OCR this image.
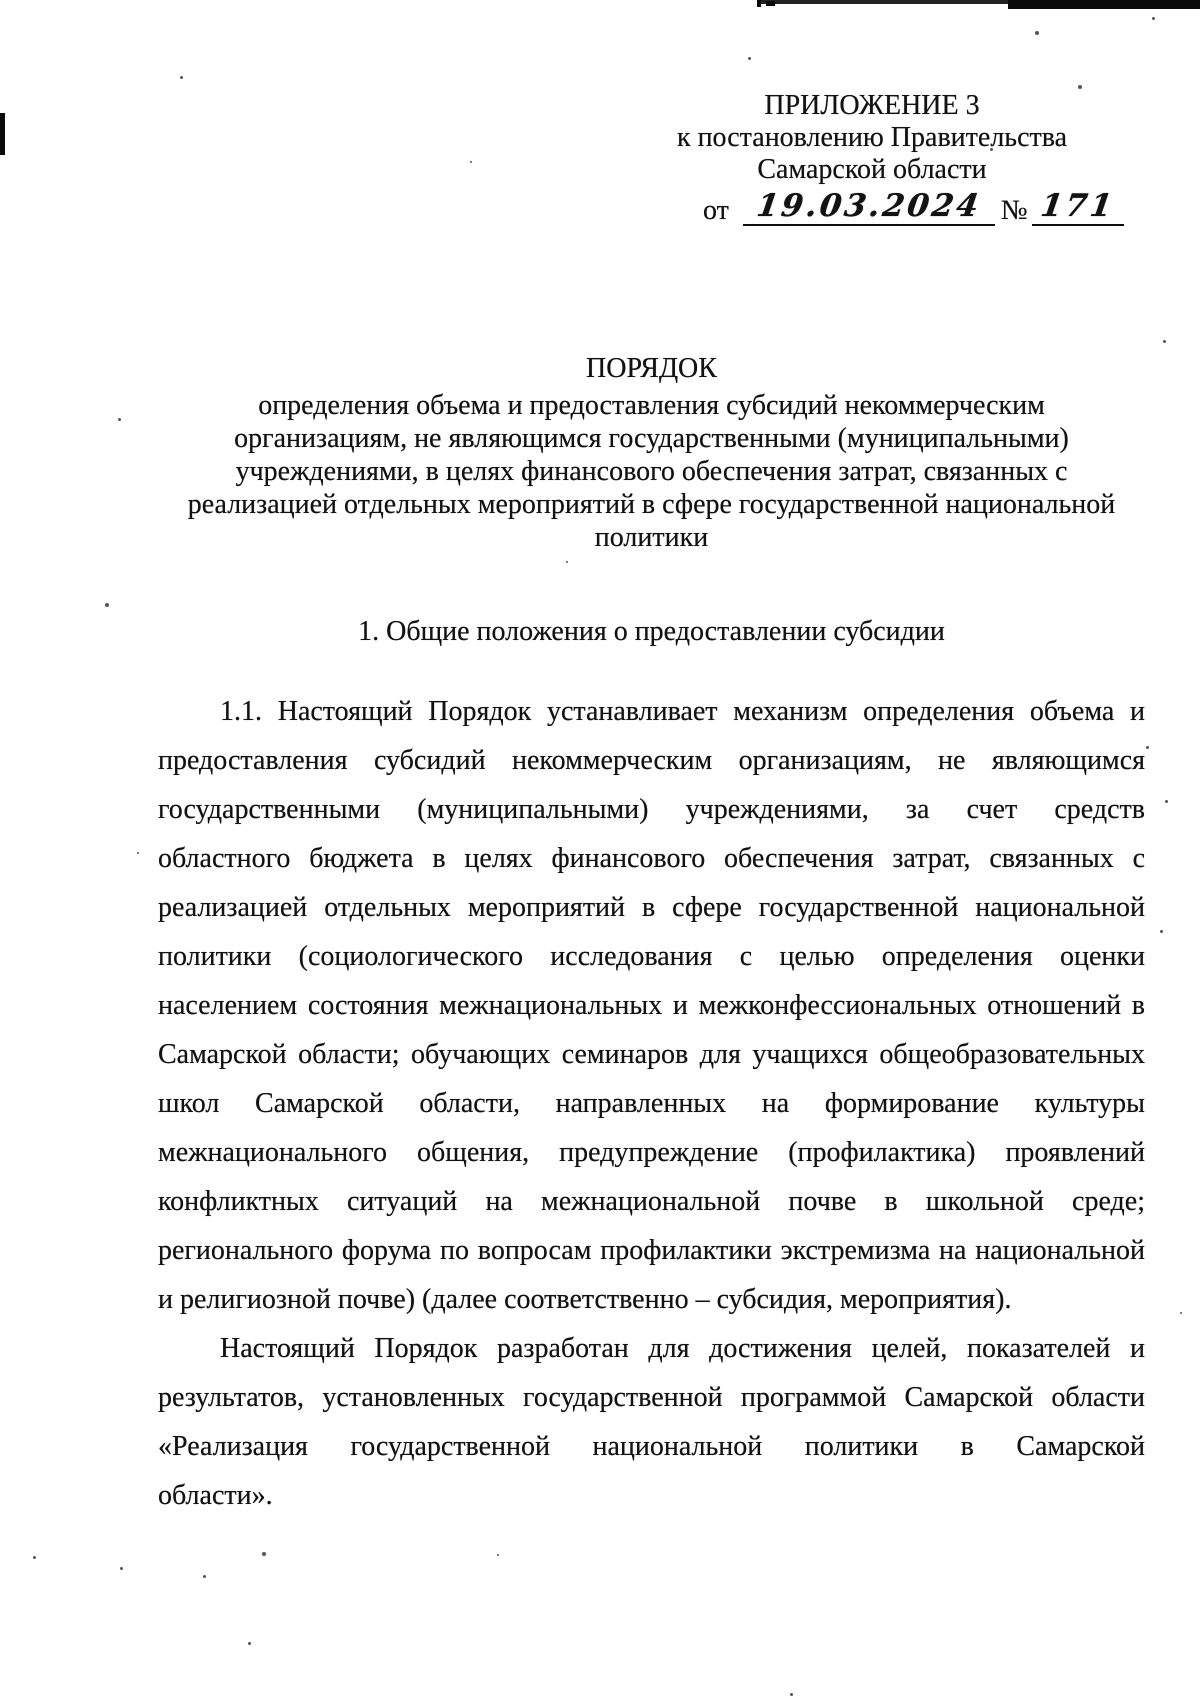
ПРИЛОЖЕНИЕ 3
к постановлению Правительства
Самарской области
от 19.03.2024 № 171
ПОРЯДОК
определения объема и предоставления субсидий некоммерческим
организациям, не являющимся государственными (муниципальными)
учреждениями, в целях финансового обеспечения затрат, связанных с
реализацией отдельных мероприятий в сфере государственной национальной
политики
1. Общие положения о предоставлении субсидии
1.1. Настоящий Порядок устанавливает механизм определения объема и
предоставления субсидий некоммерческим организациям, не являющимся
государственными (муниципальными) учреждениями, за счет средств
областного бюджета в целях финансового обеспечения затрат, связанных с
реализацией отдельных мероприятий в сфере государственной национальной
политики (социологического исследования с целью определения оценки
населением состояния межнациональных и межконфессиональных отношений в
Самарской области; обучающих семинаров для учащихся общеобразовательных
школ Самарской области, направленных на формирование культуры
межнационального общения, предупреждение (профилактика) проявлений
конфликтных ситуаций на межнациональной почве в школьной среде;
регионального форума по вопросам профилактики экстремизма на национальной
и религиозной почве) (далее соответственно – субсидия, мероприятия).
Настоящий Порядок разработан для достижения целей, показателей и
результатов, установленных государственной программой Самарской области
«Реализация государственной национальной политики в Самарской
области».
